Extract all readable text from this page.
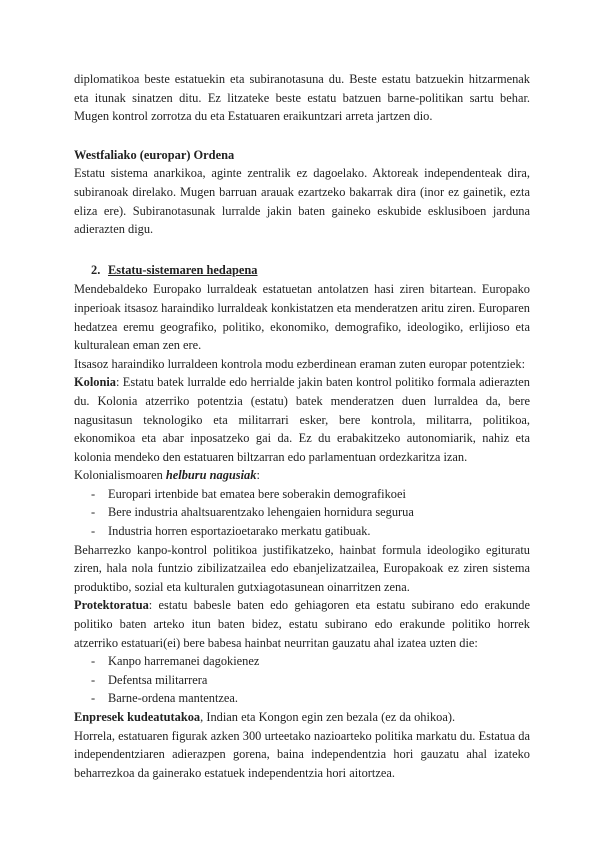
diplomatikoa beste estatuekin eta subiranotasuna du. Beste estatu batzuekin hitzarmenak eta itunak sinatzen ditu. Ez litzateke beste estatu batzuen barne-politikan sartu behar. Mugen kontrol zorrotza du eta Estatuaren eraikuntzari arreta jartzen dio.

Westfaliako (europar) Ordena

Estatu sistema anarkikoa, aginte zentralik ez dagoelako. Aktoreak independenteak dira, subiranoak direlako. Mugen barruan arauak ezartzeko bakarrak dira (inor ez gainetik, ezta eliza ere). Subiranotasunak lurralde jakin baten gaineko eskubide esklusiboen jarduna adierazten digu.

2. Estatu-sistemaren hedapena

Mendebaldeko Europako lurraldeak estatuetan antolatzen hasi ziren bitartean. Europako inperioak itsasoz haraindiko lurraldeak konkistatzen eta menderatzen aritu ziren. Europaren hedatzea eremu geografiko, politiko, ekonomiko, demografiko, ideologiko, erlijioso eta kulturalean eman zen ere.

Itsasoz haraindiko lurraldeen kontrola modu ezberdinean eraman zuten europar potentziek:

Kolonia: Estatu batek lurralde edo herrialde jakin baten kontrol politiko formala adierazten du. Kolonia atzerriko potentzia (estatu) batek menderatzen duen lurraldea da, bere nagusitasun teknologiko eta militarrari esker, bere kontrola, militarra, politikoa, ekonomikoa eta abar inposatzeko gai da. Ez du erabakitzeko autonomiarik, nahiz eta kolonia mendeko den estatuaren biltzarran edo parlamentuan ordezkaritza izan.

Kolonialismoaren helburu nagusiak:

- Europari irtenbide bat ematea bere soberakin demografikoei
- Bere industria ahaltsuarentzako lehengaien hornidura segurua
- Industria horren esportazioetarako merkatu gatibuak.

Beharrezko kanpo-kontrol politikoa justifikatzeko, hainbat formula ideologiko egituratu ziren, hala nola funtzio zibilizatzailea edo ebanjelizatzailea, Europakoak ez ziren sistema produktibo, sozial eta kulturalen gutxiagotasunean oinarritzen zena.

Protektoratua: estatu babesle baten edo gehiagoren eta estatu subirano edo erakunde politiko baten arteko itun baten bidez, estatu subirano edo erakunde politiko horrek atzerriko estatuari(ei) bere babesa hainbat neurritan gauzatu ahal izatea uzten die:

- Kanpo harremanei dagokienez
- Defentsa militarrera
- Barne-ordena mantentzea.

Enpresek kudeatutakoa, Indian eta Kongon egin zen bezala (ez da ohikoa).

Horrela, estatuaren figurak azken 300 urteetako nazioarteko politika markatu du. Estatua da independentziaren adierazpen gorena, baina independentzia hori gauzatu ahal izateko beharrezkoa da gainerako estatuek independentzia hori aitortzea.
